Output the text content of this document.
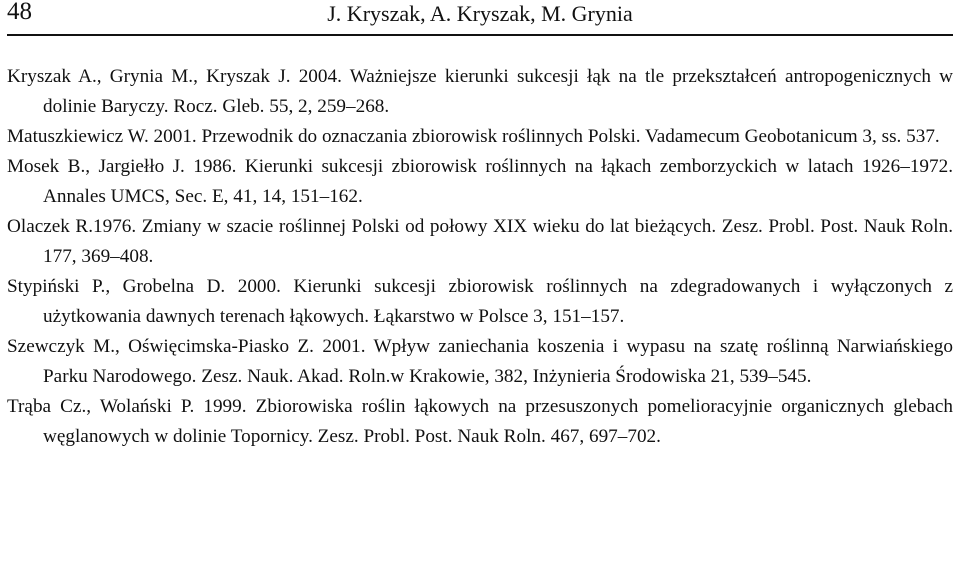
48	J. Kryszak, A. Kryszak, M. Grynia

Kryszak A., Grynia M., Kryszak J. 2004. Ważniejsze kierunki sukcesji łąk na tle przekształceń antropogenicznych w dolinie Baryczy. Rocz. Gleb. 55, 2, 259–268.

Matuszkiewicz W. 2001. Przewodnik do oznaczania zbiorowisk roślinnych Polski. Vadamecum Geobotanicum 3, ss. 537.

Mosek B., Jargiełło J. 1986. Kierunki sukcesji zbiorowisk roślinnych na łąkach zemborzyckich w latach 1926–1972. Annales UMCS, Sec. E, 41, 14, 151–162.

Olaczek R.1976. Zmiany w szacie roślinnej Polski od połowy XIX wieku do lat bieżących. Zesz. Probl. Post. Nauk Roln. 177, 369–408.

Stypiński P., Grobelna D. 2000. Kierunki sukcesji zbiorowisk roślinnych na zdegradowanych i wyłączonych z użytkowania dawnych terenach łąkowych. Łąkarstwo w Polsce 3, 151–157.

Szewczyk M., Oświęcimska-Piasko Z. 2001. Wpływ zaniechania koszenia i wypasu na szatę roślinną Narwiańskiego Parku Narodowego. Zesz. Nauk. Akad. Roln.w Krakowie, 382, Inżynieria Środowiska 21, 539–545.

Trąba Cz., Wolański P. 1999. Zbiorowiska roślin łąkowych na przesuszonych pomelioracyjnie organicznych glebach węglanowych w dolinie Topornicy. Zesz. Probl. Post. Nauk Roln. 467, 697–702.
